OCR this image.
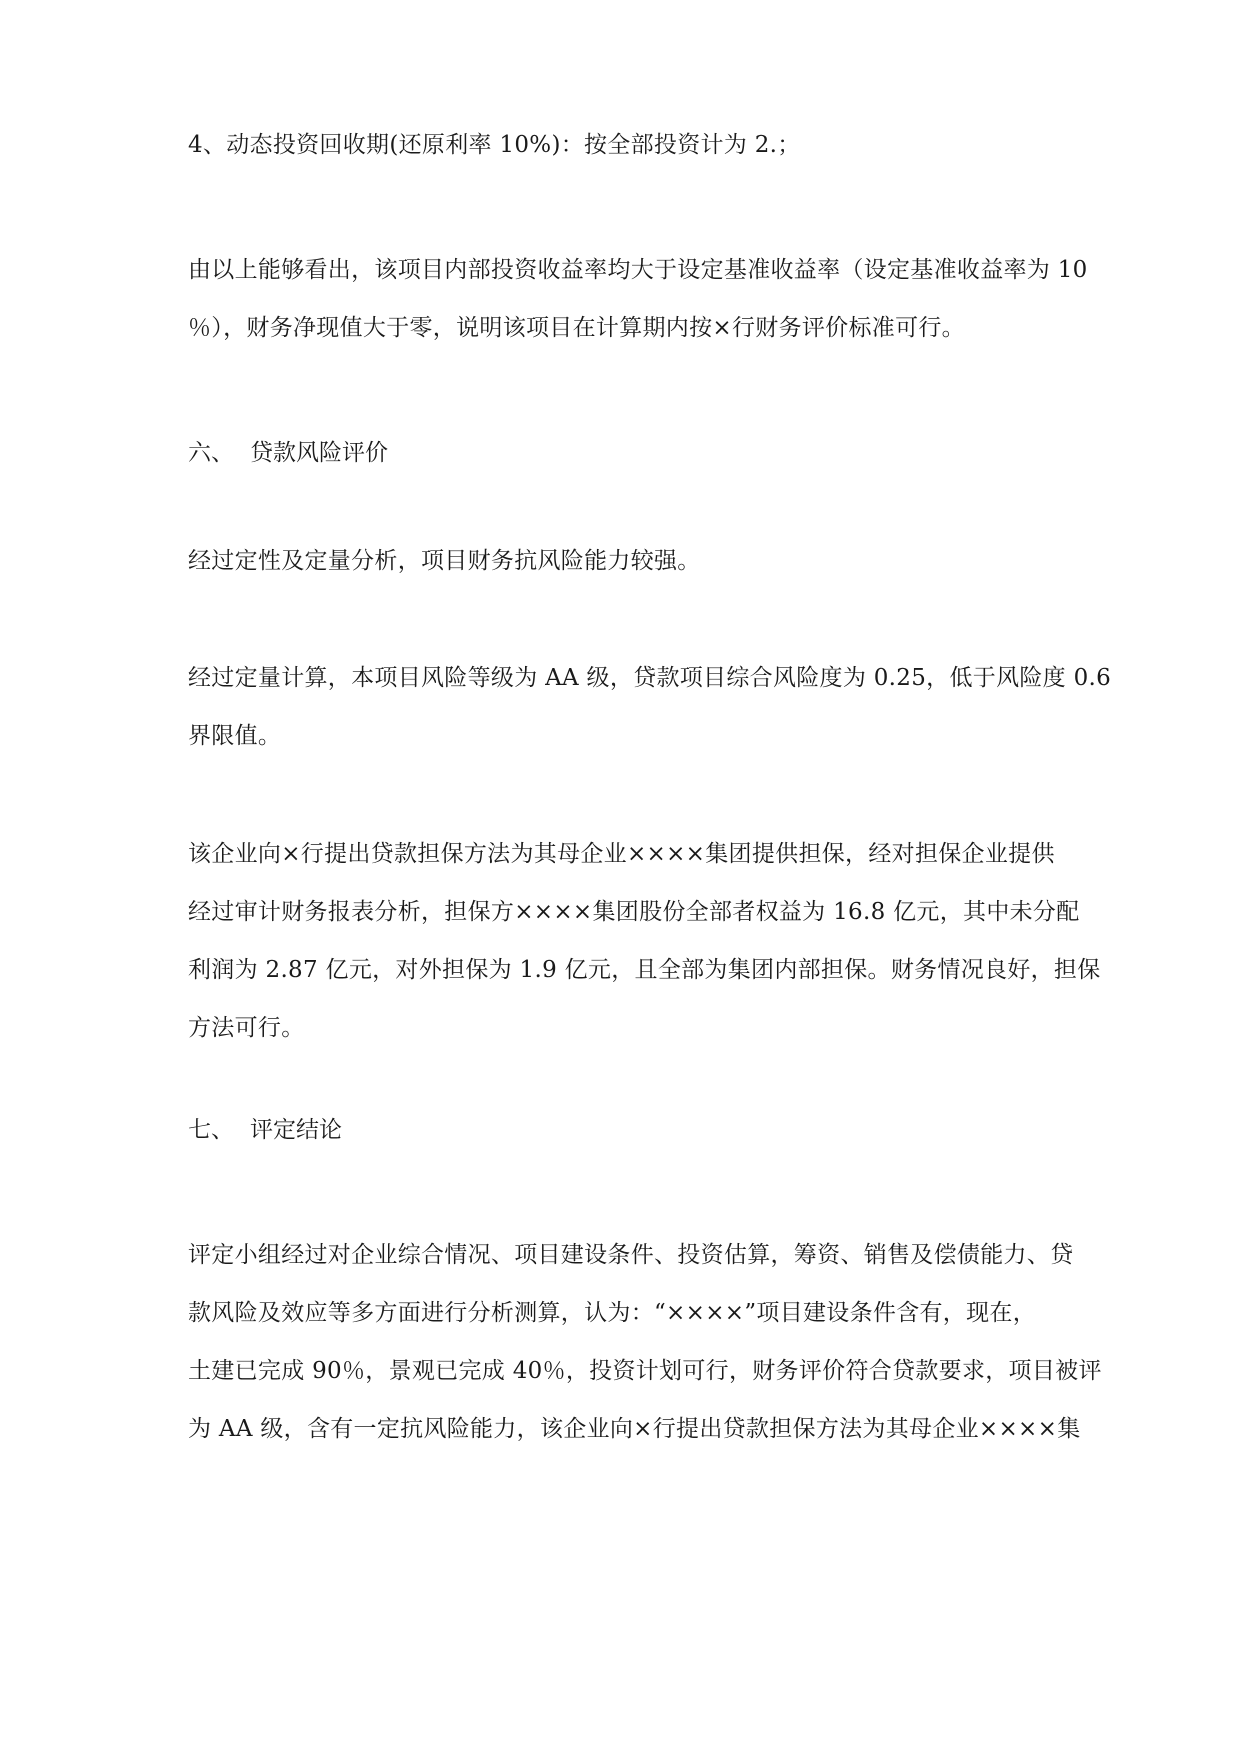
4、动态投资回收期(还原利率 10%)：按全部投资计为 2.；

由以上能够看出，该项目内部投资收益率均大于设定基准收益率（设定基准收益率为 10
％），财务净现值大于零，说明该项目在计算期内按×行财务评价标准可行。

六、 贷款风险评价

经过定性及定量分析，项目财务抗风险能力较强。

经过定量计算，本项目风险等级为 AA 级，贷款项目综合风险度为 0.25，低于风险度 0.6
界限值。

该企业向×行提出贷款担保方法为其母企业××××集团提供担保，经对担保企业提供
经过审计财务报表分析，担保方××××集团股份全部者权益为 16.8 亿元，其中未分配
利润为 2.87 亿元，对外担保为 1.9 亿元，且全部为集团内部担保。财务情况良好，担保
方法可行。

七、 评定结论

评定小组经过对企业综合情况、项目建设条件、投资估算，筹资、销售及偿债能力、贷
款风险及效应等多方面进行分析测算，认为：“××××”项目建设条件含有，现在，
土建已完成 90％，景观已完成 40％，投资计划可行，财务评价符合贷款要求，项目被评
为 AA 级，含有一定抗风险能力，该企业向×行提出贷款担保方法为其母企业××××集
